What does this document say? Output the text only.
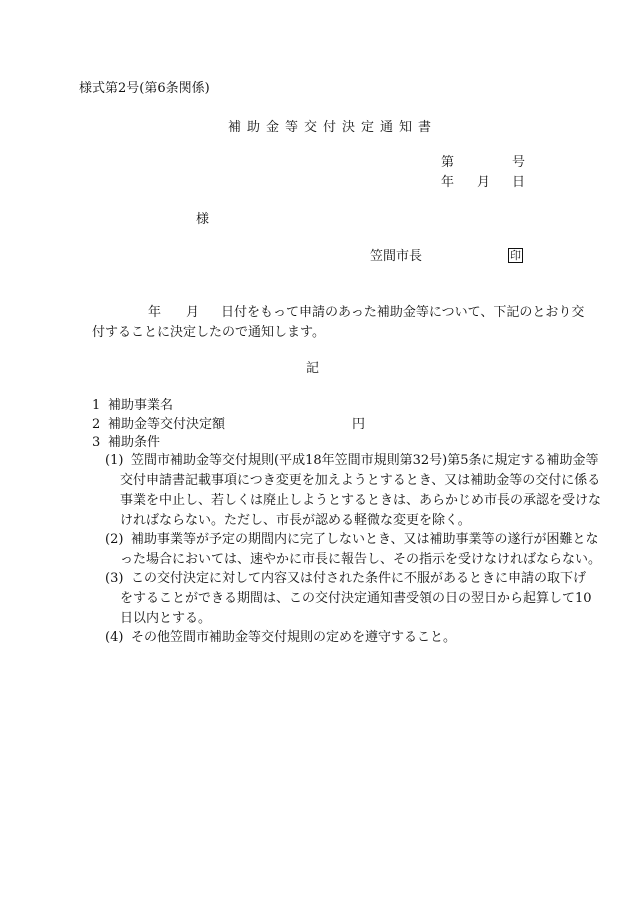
様式第2号(第6条関係)
補助金等交付決定通知書
第	号
年 月 日
様
笠間市長	印
年 月 日付をもって申請のあった補助金等について、下記のとおり交
付することに決定したので通知します。
記
1 補助事業名
2 補助金等交付決定額	円
3 補助条件
(1) 笠間市補助金等交付規則(平成18年笠間市規則第32号)第5条に規定する補助金等
交付申請書記載事項につき変更を加えようとするとき、又は補助金等の交付に係る
事業を中止し、若しくは廃止しようとするときは、あらかじめ市長の承認を受けな
ければならない。ただし、市長が認める軽微な変更を除く。
(2) 補助事業等が予定の期間内に完了しないとき、又は補助事業等の遂行が困難とな
った場合においては、速やかに市長に報告し、その指示を受けなければならない。
(3) この交付決定に対して内容又は付された条件に不服があるときに申請の取下げ
をすることができる期間は、この交付決定通知書受領の日の翌日から起算して10
日以内とする。
(4) その他笠間市補助金等交付規則の定めを遵守すること。
